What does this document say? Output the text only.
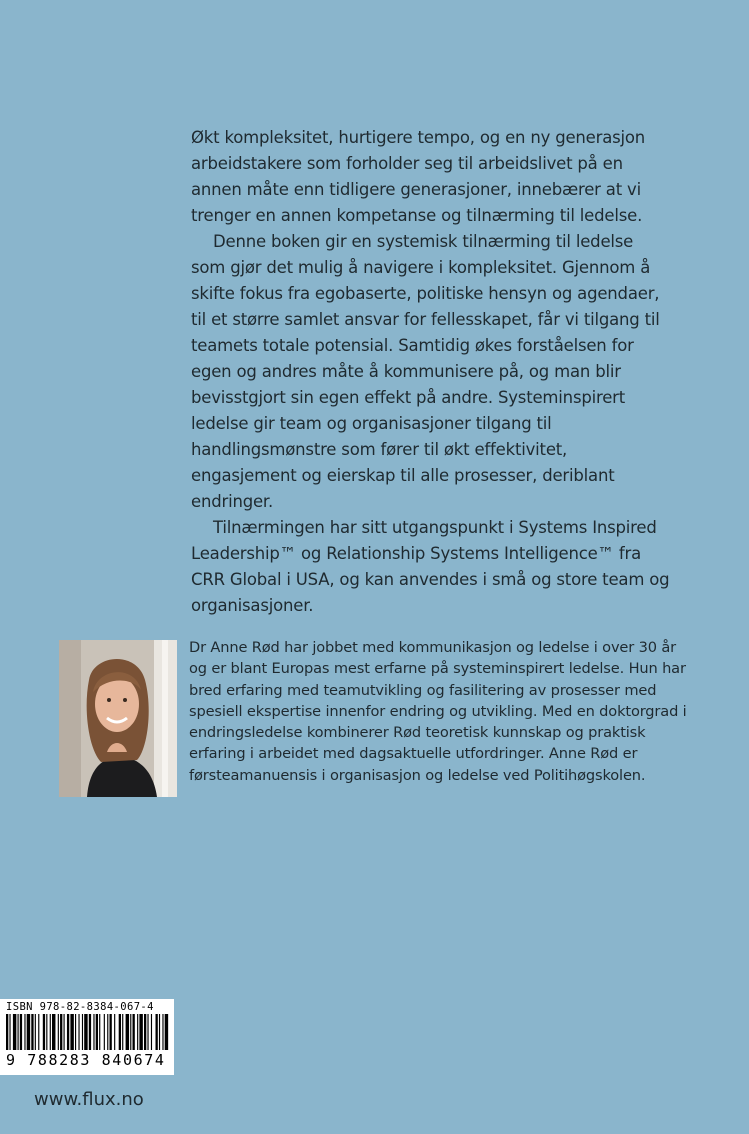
Økt kompleksitet, hurtigere tempo, og en ny generasjon arbeidstakere som forholder seg til arbeidslivet på en annen måte enn tidligere generasjoner, innebærer at vi trenger en annen kompetanse og tilnærming til ledelse.

Denne boken gir en systemisk tilnærming til ledelse som gjør det mulig å navigere i kompleksitet. Gjennom å skifte fokus fra egobaserte, politiske hensyn og agendaer, til et større samlet ansvar for fellesskapet, får vi tilgang til teamets totale potensial. Samtidig økes forståelsen for egen og andres måte å kommunisere på, og man blir bevisstgjort sin egen effekt på andre. Systeminspirert ledelse gir team og organisasjoner tilgang til handlingsmønstre som fører til økt effektivitet, engasjement og eierskap til alle prosesser, deriblant endringer.

Tilnærmingen har sitt utgangspunkt i Systems Inspired Leadership™ og Relationship Systems Intelligence™ fra CRR Global i USA, og kan anvendes i små og store team og organisasjoner.

Dr Anne Rød har jobbet med kommunikasjon og ledelse i over 30 år og er blant Europas mest erfarne på systeminspirert ledelse. Hun har bred erfaring med teamutvikling og fasilitering av prosesser med spesiell ekspertise innenfor endring og utvikling. Med en doktorgrad i endringsledelse kombinerer Rød teoretisk kunnskap og praktisk erfaring i arbeidet med dagsaktuelle utfordringer. Anne Rød er førsteamanuensis i organisasjon og ledelse ved Politihøgskolen.

ISBN 978-82-8384-067-4
9 788283 840674
www.flux.no
